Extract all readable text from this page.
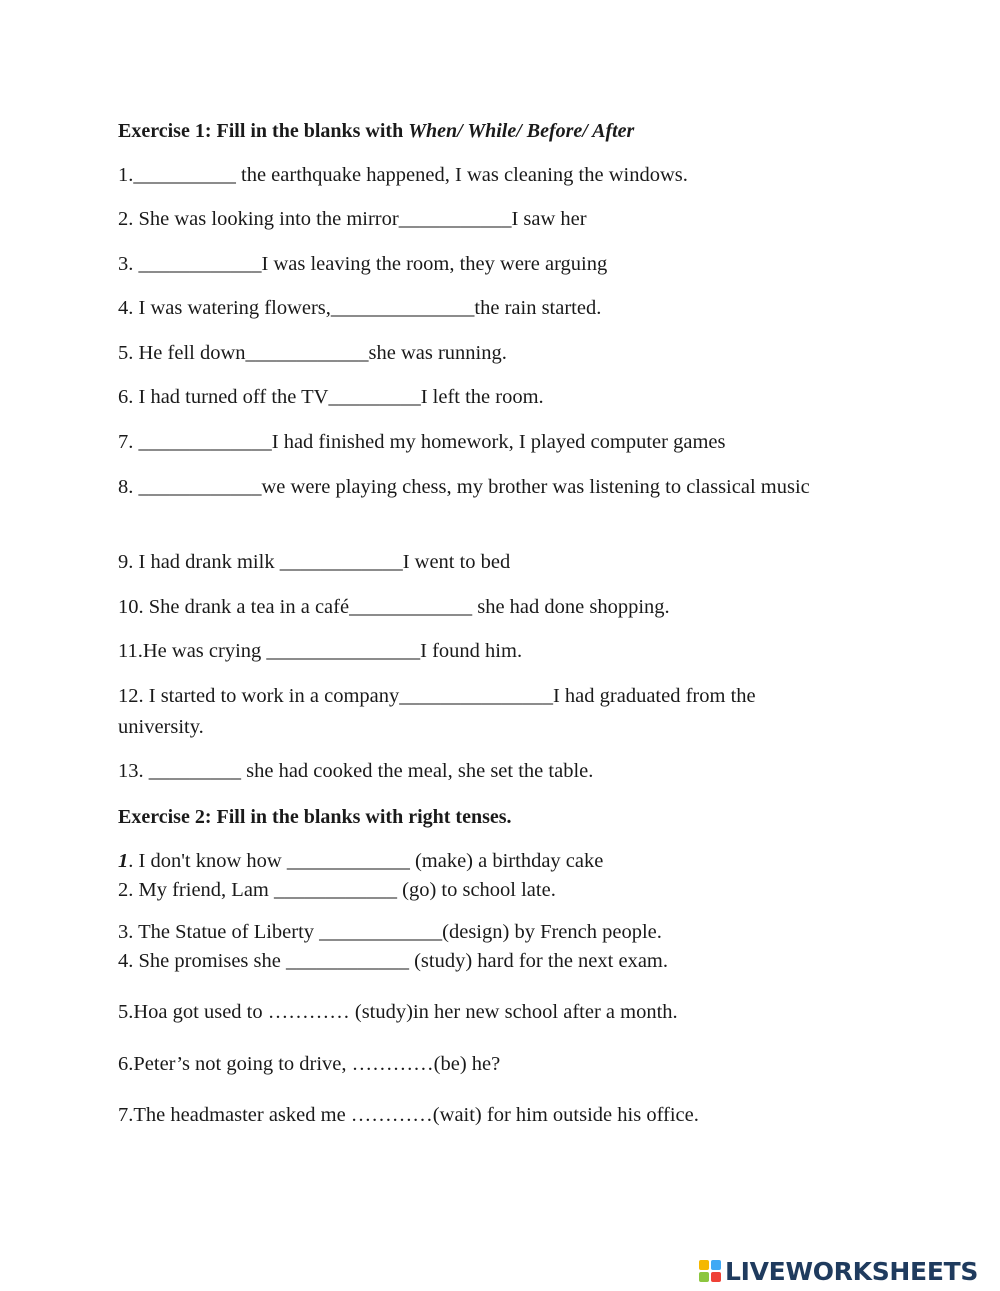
Exercise 1: Fill in the blanks with When/ While/ Before/ After
1.__________ the earthquake happened, I was cleaning the windows.
2. She was looking into the mirror___________I saw her
3. ____________I was leaving the room, they were arguing
4. I was watering flowers,______________the rain started.
5. He fell down____________she was running.
6. I had turned off the TV_________I left the room.
7. _____________I had finished my homework, I played computer games
8. ____________we were playing chess, my brother was listening to classical music
9. I had drank milk ____________I went to bed
10. She drank a tea in a café____________ she had done shopping.
11.He was crying _______________I found him.
12. I started to work in a company_______________I had graduated from the university.
13. _________ she had cooked the meal, she set the table.
Exercise 2: Fill in the blanks with right tenses.
1. I don't know how ____________ (make) a birthday cake
2. My friend, Lam ____________ (go) to school late.
3. The Statue of Liberty ____________(design) by French people.
4. She promises she ____________ (study) hard for the next exam.
5.Hoa got used to ………… (study)in her new school after a month.
6.Peter’s not going to drive, …………(be) he?
7.The headmaster asked me …………(wait) for him outside his office.
LIVEWORKSHEETS
